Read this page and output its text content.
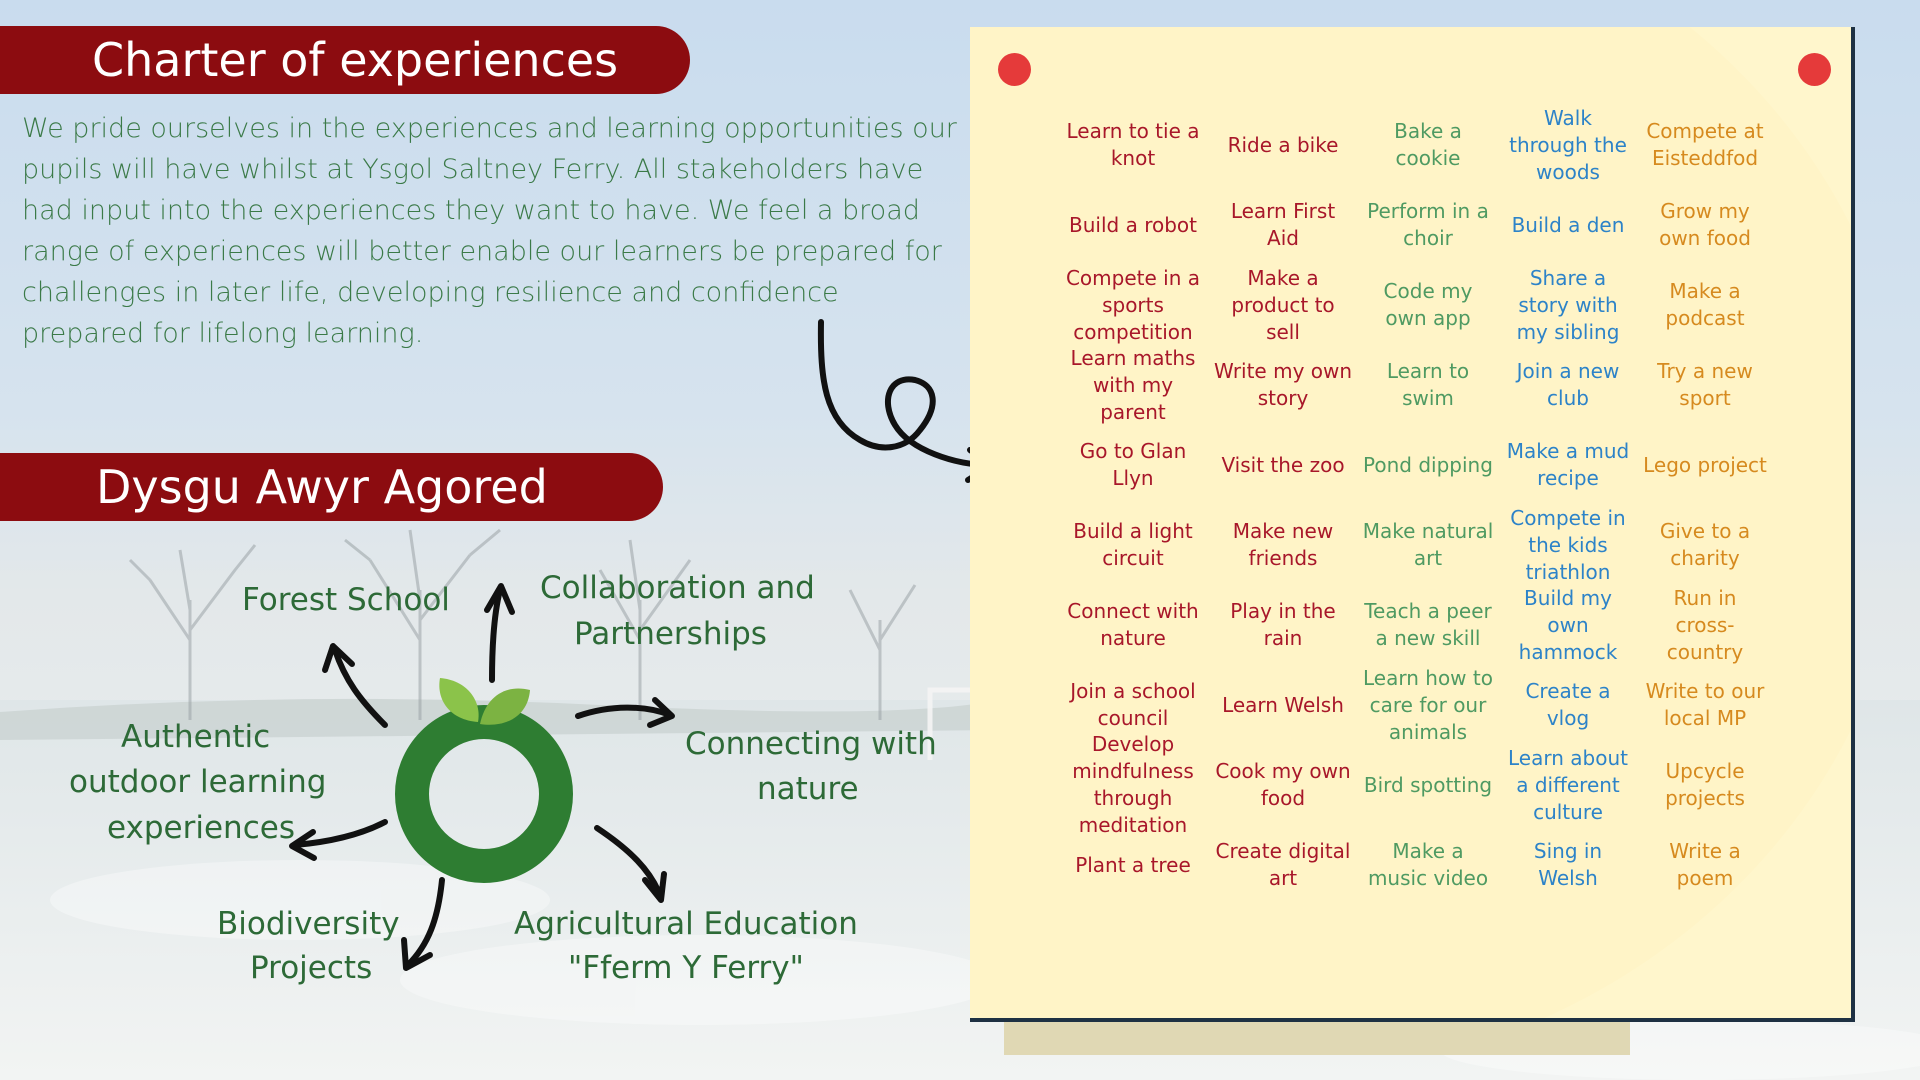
Charter of experiences

We pride ourselves in the experiences and learning opportunities our pupils will have whilst at Ysgol Saltney Ferry. All stakeholders have had input into the experiences they want to have. We feel a broad range of experiences will better enable our learners be prepared for challenges in later life, developing resilience and confidence prepared for lifelong learning.

Dysgu Awyr Agored
Forest School	Collaboration and
Partnerships
Connecting with
nature
Authentic
outdoor learning
experiences
Biodiversity
Projects
Agricultural Education
"Fferm Y Ferry"
Learn to tie a knot
Ride a bike
Bake a cookie
Walk through the woods
Compete at Eisteddfod
Build a robot
Learn First Aid
Perform in a choir
Build a den
Grow my own food
Compete in a sports competition
Make a product to sell
Code my own app
Share a story with my sibling
Make a podcast
Learn maths with my parent
Write my own story
Learn to swim
Join a new club
Try a new sport
Go to Glan Llyn
Visit the zoo Pond dipping
Make a mud recipe
Lego project
Build a light circuit
Make new friends
Make natural art
Compete in the kids triathlon
Give to a charity
Connect with nature
Play in the rain
Teach a peer a new skill
Build my own hammock
Run in cross-country
Join a school council
Learn Welsh
Learn how to care for our animals
Create a vlog
Write to our local MP
Develop mindfulness through meditation
Cook my own food
Bird spotting
Learn about a different culture
Upcycle projects
Plant a tree
Create digital art
Make a music video
Sing in Welsh
Write a poem
